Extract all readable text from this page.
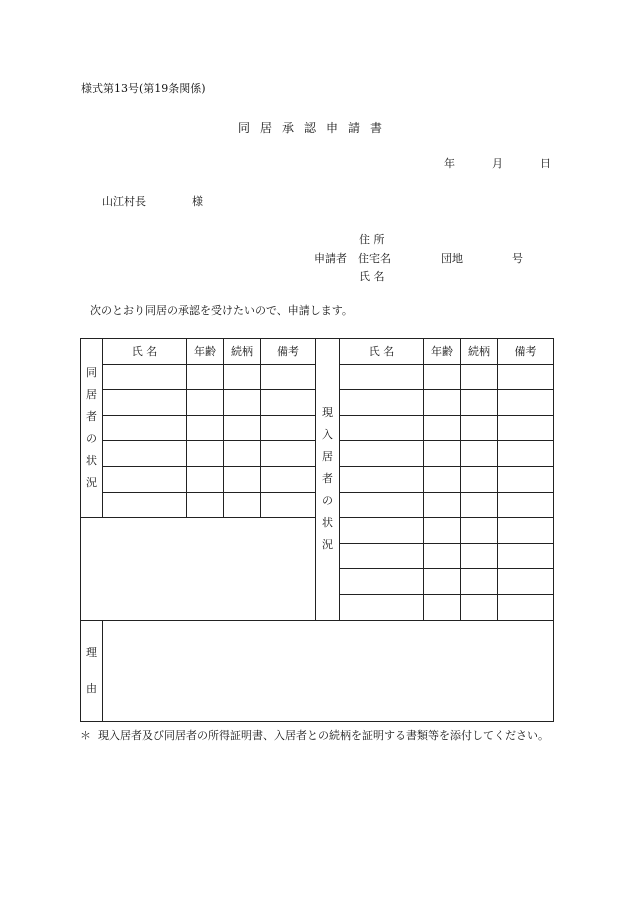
様式第13号(第19条関係)
同居承認申請書
年	月	日
山江村長	様
住 所
申請者 住宅名	団地	号
氏 名
次のとおり同居の承認を受けたいので、申請します。
同居者の状況	氏 名	年齢	続柄	備考	現入居者の状況	氏 名	年齢	続柄	備考

理由									
＊ 現入居者及び同居者の所得証明書、入居者との続柄を証明する書類等を添付してください。
